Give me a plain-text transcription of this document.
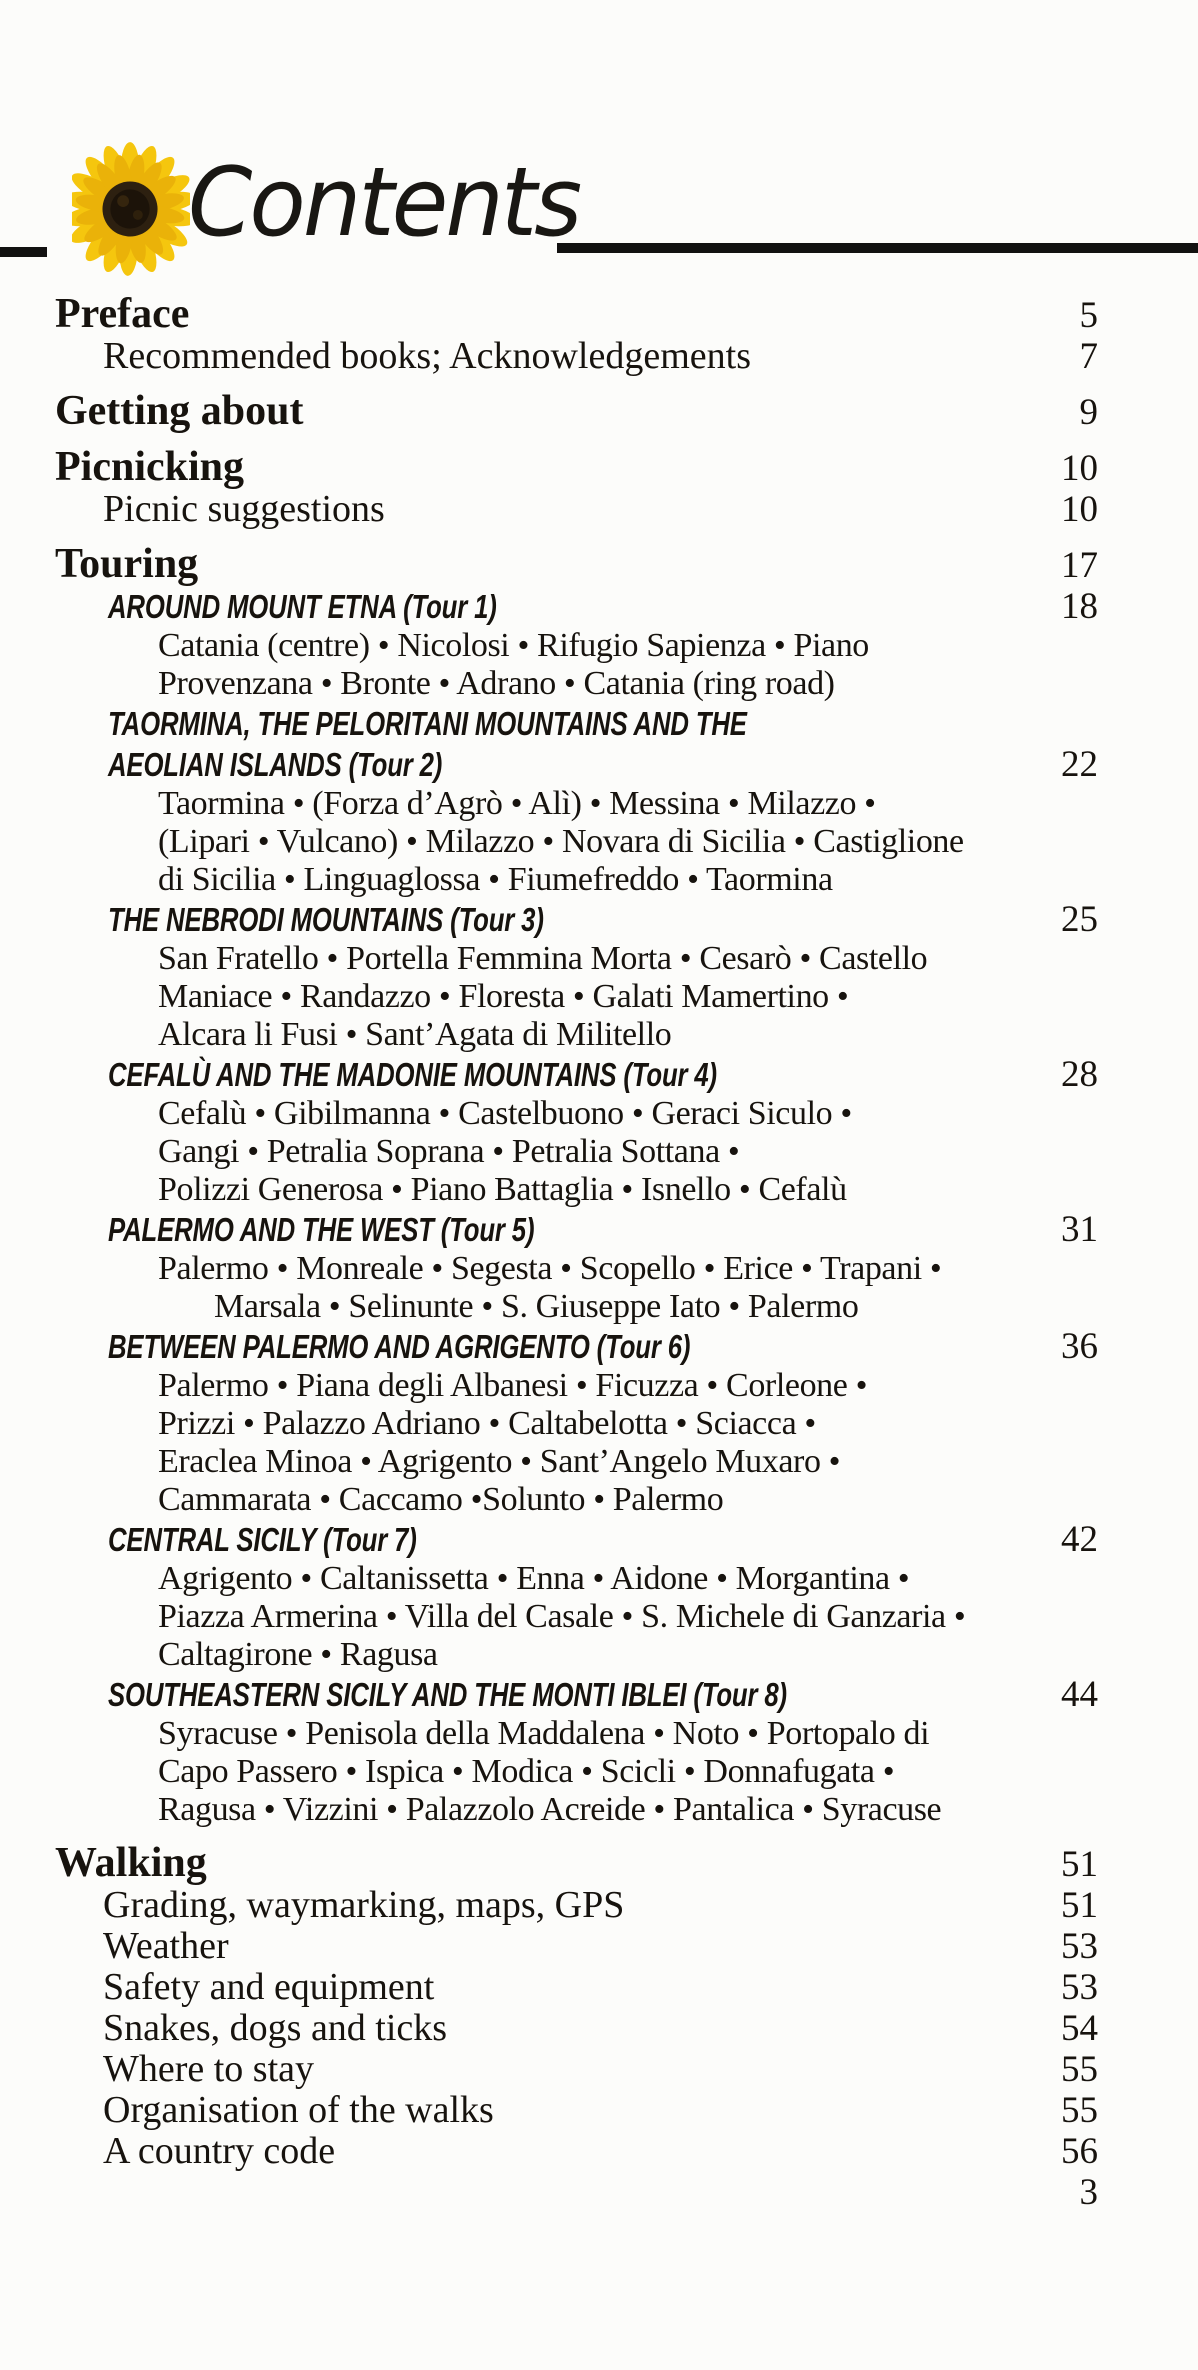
Contents
Preface	5
Recommended books; Acknowledgements	7
Getting about	9
Picnicking	10
Picnic suggestions	10
Touring	17
AROUND MOUNT ETNA (Tour 1)	18
Catania (centre) • Nicolosi • Rifugio Sapienza • Piano
Provenzana • Bronte • Adrano • Catania (ring road)
TAORMINA, THE PELORITANI MOUNTAINS AND THE
AEOLIAN ISLANDS (Tour 2)	22
Taormina • (Forza d’Agrò • Alì) • Messina • Milazzo •
(Lipari • Vulcano) • Milazzo • Novara di Sicilia • Castiglione
di Sicilia • Linguaglossa • Fiumefreddo • Taormina
THE NEBRODI MOUNTAINS (Tour 3)	25
San Fratello • Portella Femmina Morta • Cesarò • Castello
Maniace • Randazzo • Floresta • Galati Mamertino •
Alcara li Fusi • Sant’Agata di Militello
CEFALÙ AND THE MADONIE MOUNTAINS (Tour 4)	28
Cefalù • Gibilmanna • Castelbuono • Geraci Siculo •
Gangi • Petralia Soprana • Petralia Sottana •
Polizzi Generosa • Piano Battaglia • Isnello • Cefalù
PALERMO AND THE WEST (Tour 5)	31
Palermo • Monreale • Segesta • Scopello • Erice • Trapani •
Marsala • Selinunte • S. Giuseppe Iato • Palermo
BETWEEN PALERMO AND AGRIGENTO (Tour 6)	36
Palermo • Piana degli Albanesi • Ficuzza • Corleone •
Prizzi • Palazzo Adriano • Caltabelotta • Sciacca •
Eraclea Minoa • Agrigento • Sant’Angelo Muxaro •
Cammarata • Caccamo •Solunto • Palermo
CENTRAL SICILY (Tour 7)	42
Agrigento • Caltanissetta • Enna • Aidone • Morgantina •
Piazza Armerina • Villa del Casale • S. Michele di Ganzaria •
Caltagirone • Ragusa
SOUTHEASTERN SICILY AND THE MONTI IBLEI (Tour 8)	44
Syracuse • Penisola della Maddalena • Noto • Portopalo di
Capo Passero • Ispica • Modica • Scicli • Donnafugata •
Ragusa • Vizzini • Palazzolo Acreide • Pantalica • Syracuse
Walking	51
Grading, waymarking, maps, GPS	51
Weather	53
Safety and equipment	53
Snakes, dogs and ticks	54
Where to stay	55
Organisation of the walks	55
A country code	56
3
